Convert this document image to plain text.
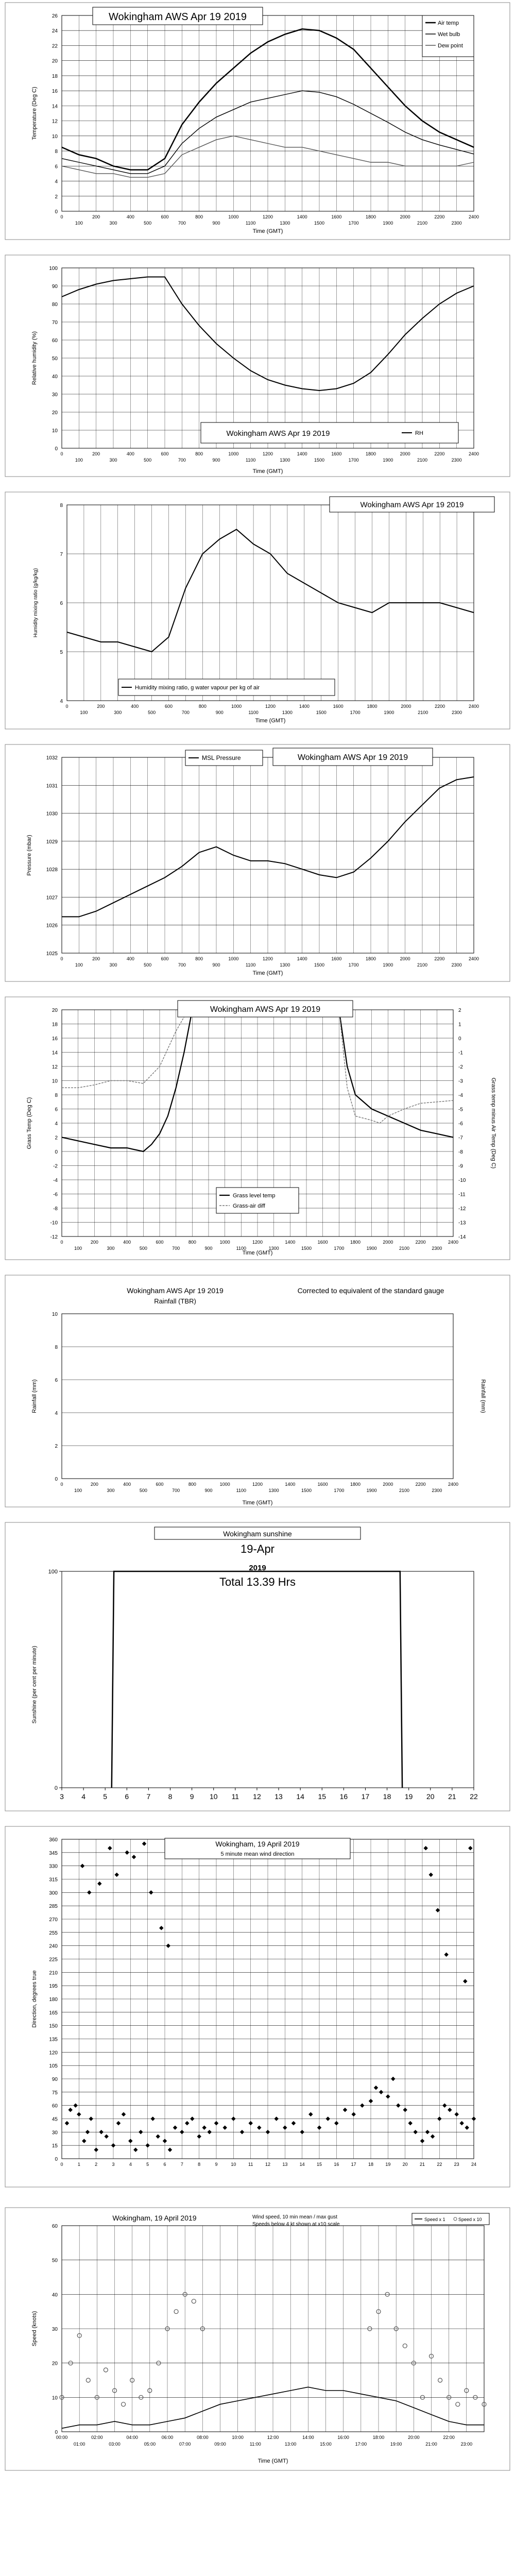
0
2
4
6
8
10
12
14
16
18
20
22
24
26
0
100
200
300
400
500
600
700
800
900
1000
1100
1200
1300
1400
1500
1600
1700
1800
1900
2000
2100
2200
2300
2400
Wokingham AWS Apr 19 2019
Air temp
Wet bulb
Dew point
Time (GMT)
Temperature (Deg C)
0
10
20
30
40
50
60
70
80
90
100
0
100
200
300
400
500
600
700
800
900
1000
1100
1200
1300
1400
1500
1600
1700
1800
1900
2000
2100
2200
2300
2400
Wokingham AWS Apr 19 2019	RH
Time (GMT)
Relative humidity (%)
4
5
6
7
8
0
100
200
300
400
500
600
700
800
900
1000
1100
1200
1300
1400
1500
1600
1700
1800
1900
2000
2100
2200
2300
2400
Wokingham AWS Apr 19 2019
Humidity mixing ratio, g water vapour per kg of air
Time (GMT)
Humidity mixing ratio (g/kg/kg)
1025
1026
1027
1028
1029
1030
1031
1032
0
100
200
300
400
500
600
700
800
900
1000
1100
1200
1300
1400
1500
1600
1700
1800
1900
2000
2100
2200
2300
2400
MSL Pressure	Wokingham AWS Apr 19 2019
Time (GMT)
Pressure (mbar)
-12
-10
-8
-6
-4
-2
0
2
4
6
8
10
12
14
16
18
20
0
100
200
300
400
500
600
700
800
900
1000
1100
1200
1300
1400
1500
1600
1700
1800
1900
2000
2100
2200
2300
2400
-14
-13
-12
-11
-10
-9
-8
-7
-6
-5
-4
-3
-2
-1
0
1
2
Wokingham AWS Apr 19 2019
Grass level temp
Grass-air diff
Time (GMT)
Grass Temp (Deg C)	Grass temp minus Air Temp (Deg C)
0
2
4
6
8
10
0
100
200
300
400
500
600
700
800
900
1000
1100
1200
1300
1400
1500
1600
1700
1800
1900
2000
2100
2200
2300
2400
Wokingham AWS Apr 19 2019
Rainfall (TBR)
Corrected to equivalent of the standard gauge
Time (GMT)
Rainfall (mm)	Rainfall (mm)
0
100
3 4 5 6 7 8 9 10 11 12 13 14 15 16 17 18 19 20 21 22
Wokingham sunshine
19-Apr
2019
Total 13.39 Hrs
Sunshine (per cent per minute)
0
15
30
45
60
75
90
105
120
135
150
165
180
195
210
225
240
255
270
285
300
315
330
345
360
0	1	2	3	4	5	6	7	8	9	10	11	12	13	14	15	16	17	18	19	20	21	22	23	24
Wokingham, 19 April 2019
5 minute mean wind direction
Direction, degrees true
0
10
20
30
40
50
60
00:00	02:00	04:00	06:00	08:00	10:00	12:00	14:00	16:00	18:00	20:00	22:00
01:00	03:00	05:00	07:00	09:00	11:00	13:00	15:00	17:00	19:00	21:00	23:00
Wokingham, 19 April 2019	Wind speed, 10 min mean / max gust
Speeds below 4 kt shown at x10 scale
Speed x 1	Speed x 10
Time (GMT)
Speed (knots)
